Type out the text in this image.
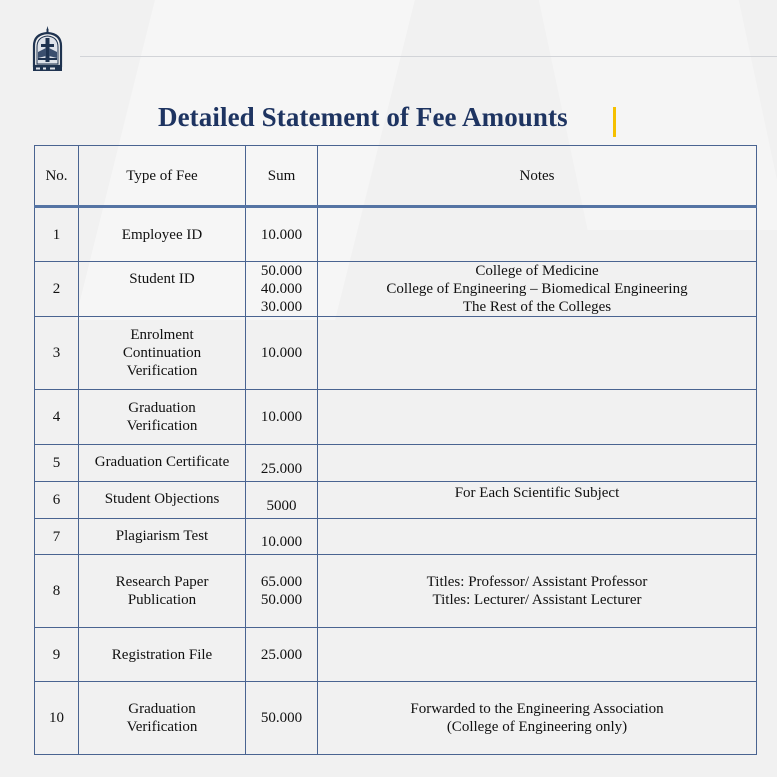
Detailed Statement of Fee Amounts
No.	Type of Fee	Sum	Notes
1	Employee ID	10.000	

2	Student ID	50.000
40.000
30.000	College of Medicine
College of Engineering – Biomedical Engineering
The Rest of the Colleges

3	Enrolment
Continuation
Verification	10.000	

4	Graduation
Verification	10.000	

5	Graduation Certificate	25.000	

6	Student Objections	5000	For Each Scientific Subject

7	Plagiarism Test	10.000	

8	Research Paper
Publication	65.000
50.000	Titles: Professor/ Assistant Professor
Titles: Lecturer/ Assistant Lecturer

9	Registration File	25.000	

10	Graduation
Verification	50.000	Forwarded to the Engineering Association
(College of Engineering only)
